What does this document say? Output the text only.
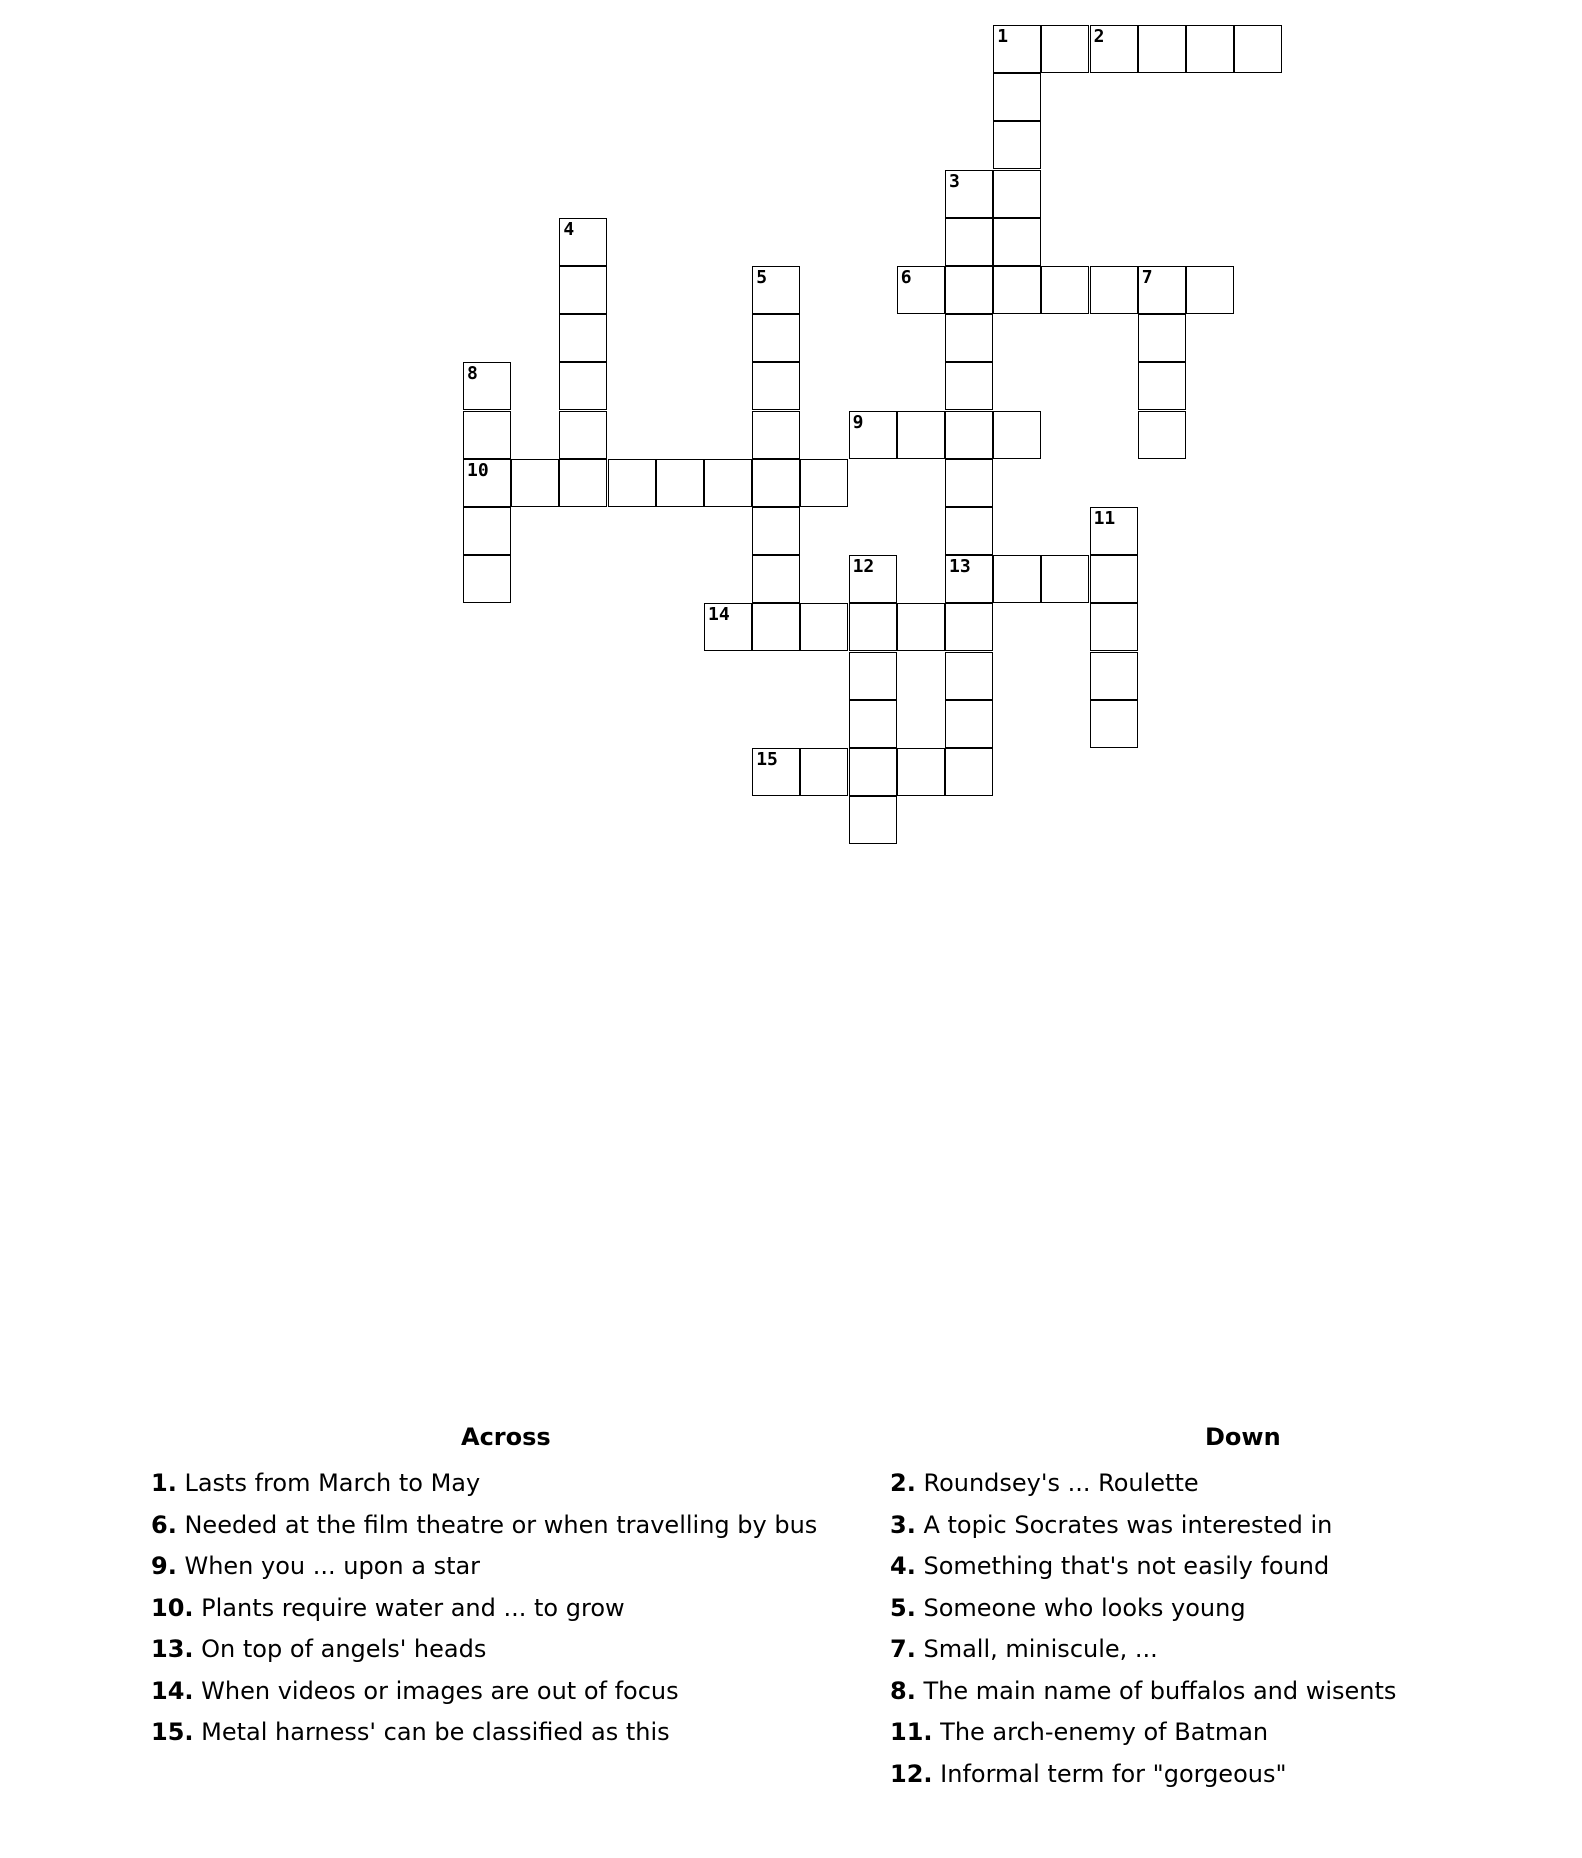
1	2
3
13
4
5	6	7
8
10
9
11
12
14
15
Across
1. Lasts from March to May
6. Needed at the film theatre or when travelling by bus
9. When you ... upon a star
10. Plants require water and ... to grow
13. On top of angels' heads
14. When videos or images are out of focus
15. Metal harness' can be classified as this
Down
2. Roundsey's ... Roulette
3. A topic Socrates was interested in
4. Something that's not easily found
5. Someone who looks young
7. Small, miniscule, ...
8. The main name of buffalos and wisents
11. The arch-enemy of Batman
12. Informal term for "gorgeous"
